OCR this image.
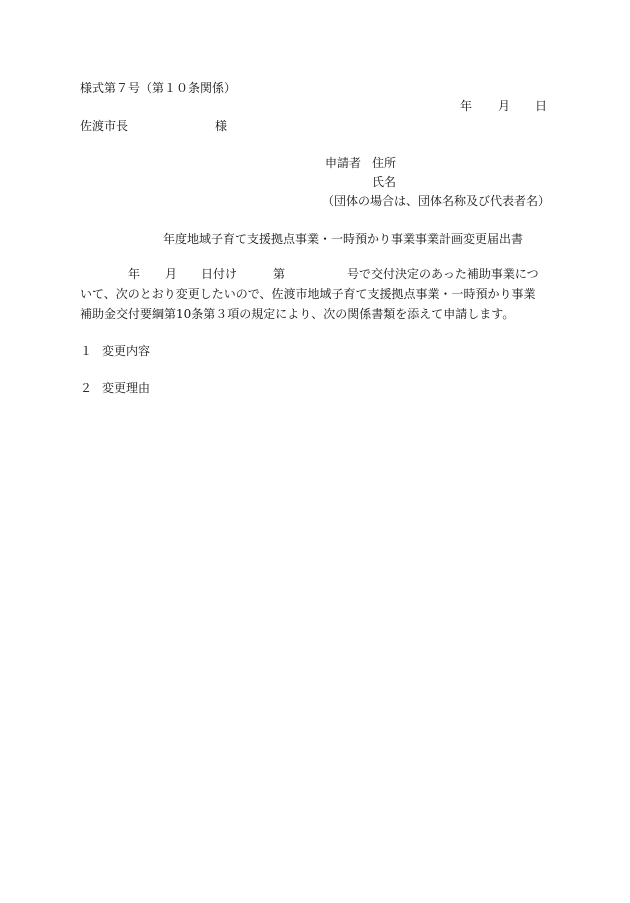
様式第７号（第１０条関係）
年 月 日
佐渡市長	様
申請者 住所
氏名
（団体の場合は、団体名称及び代表者名）
年度地域子育て支援拠点事業・一時預かり事業事業計画変更届出書
年 月 日付け	第	号で交付決定のあった補助事業につ
いて、次のとおり変更したいので、佐渡市地域子育て支援拠点事業・一時預かり事業
補助金交付要綱第10条第３項の規定により、次の関係書類を添えて申請します。
１ 変更内容
２ 変更理由
